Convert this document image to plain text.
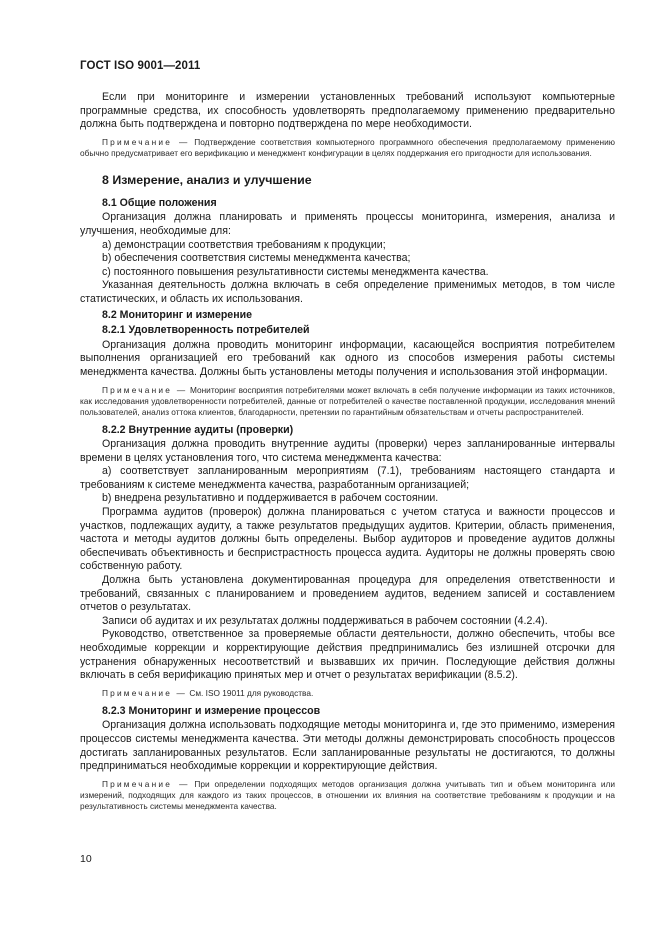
ГОСТ ISO 9001—2011

Если при мониторинге и измерении установленных требований используют компьютерные программные средства, их способность удовлетворять предполагаемому применению предварительно должна быть подтверждена и повторно подтверждена по мере необходимости.

Примечание — Подтверждение соответствия компьютерного программного обеспечения предполагаемому применению обычно предусматривает его верификацию и менеджмент конфигурации в целях поддержания его пригодности для использования.

8 Измерение, анализ и улучшение
8.1 Общие положения

Организация должна планировать и применять процессы мониторинга, измерения, анализа и улучшения, необходимые для:

а) демонстрации соответствия требованиям к продукции;
b) обеспечения соответствия системы менеджмента качества;
с) постоянного повышения результативности системы менеджмента качества.

Указанная деятельность должна включать в себя определение применимых методов, в том числе статистических, и область их использования.

8.2 Мониторинг и измерение
8.2.1 Удовлетворенность потребителей

Организация должна проводить мониторинг информации, касающейся восприятия потребителем выполнения организацией его требований как одного из способов измерения работы системы менеджмента качества. Должны быть установлены методы получения и использования этой информации.

Примечание — Мониторинг восприятия потребителями может включать в себя получение информации из таких источников, как исследования удовлетворенности потребителей, данные от потребителей о качестве поставленной продукции, исследования мнений пользователей, анализ оттока клиентов, благодарности, претензии по гарантийным обязательствам и отчеты распространителей.

8.2.2 Внутренние аудиты (проверки)

Организация должна проводить внутренние аудиты (проверки) через запланированные интервалы времени в целях установления того, что система менеджмента качества:

а) соответствует запланированным мероприятиям (7.1), требованиям настоящего стандарта и требованиям к системе менеджмента качества, разработанным организацией;
b) внедрена результативно и поддерживается в рабочем состоянии.

Программа аудитов (проверок) должна планироваться с учетом статуса и важности процессов и участков, подлежащих аудиту, а также результатов предыдущих аудитов. Критерии, область применения, частота и методы аудитов должны быть определены. Выбор аудиторов и проведение аудитов должны обеспечивать объективность и беспристрастность процесса аудита. Аудиторы не должны проверять свою собственную работу.

Должна быть установлена документированная процедура для определения ответственности и требований, связанных с планированием и проведением аудитов, ведением записей и составлением отчетов о результатах.

Записи об аудитах и их результатах должны поддерживаться в рабочем состоянии (4.2.4).

Руководство, ответственное за проверяемые области деятельности, должно обеспечить, чтобы все необходимые коррекции и корректирующие действия предпринимались без излишней отсрочки для устранения обнаруженных несоответствий и вызвавших их причин. Последующие действия должны включать в себя верификацию принятых мер и отчет о результатах верификации (8.5.2).

Примечание — См. ISO 19011 для руководства.

8.2.3 Мониторинг и измерение процессов

Организация должна использовать подходящие методы мониторинга и, где это применимо, измерения процессов системы менеджмента качества. Эти методы должны демонстрировать способность процессов достигать запланированных результатов. Если запланированные результаты не достигаются, то должны предприниматься необходимые коррекции и корректирующие действия.

Примечание — При определении подходящих методов организация должна учитывать тип и объем мониторинга или измерений, подходящих для каждого из таких процессов, в отношении их влияния на соответствие требованиям к продукции и на результативность системы менеджмента качества.

10
